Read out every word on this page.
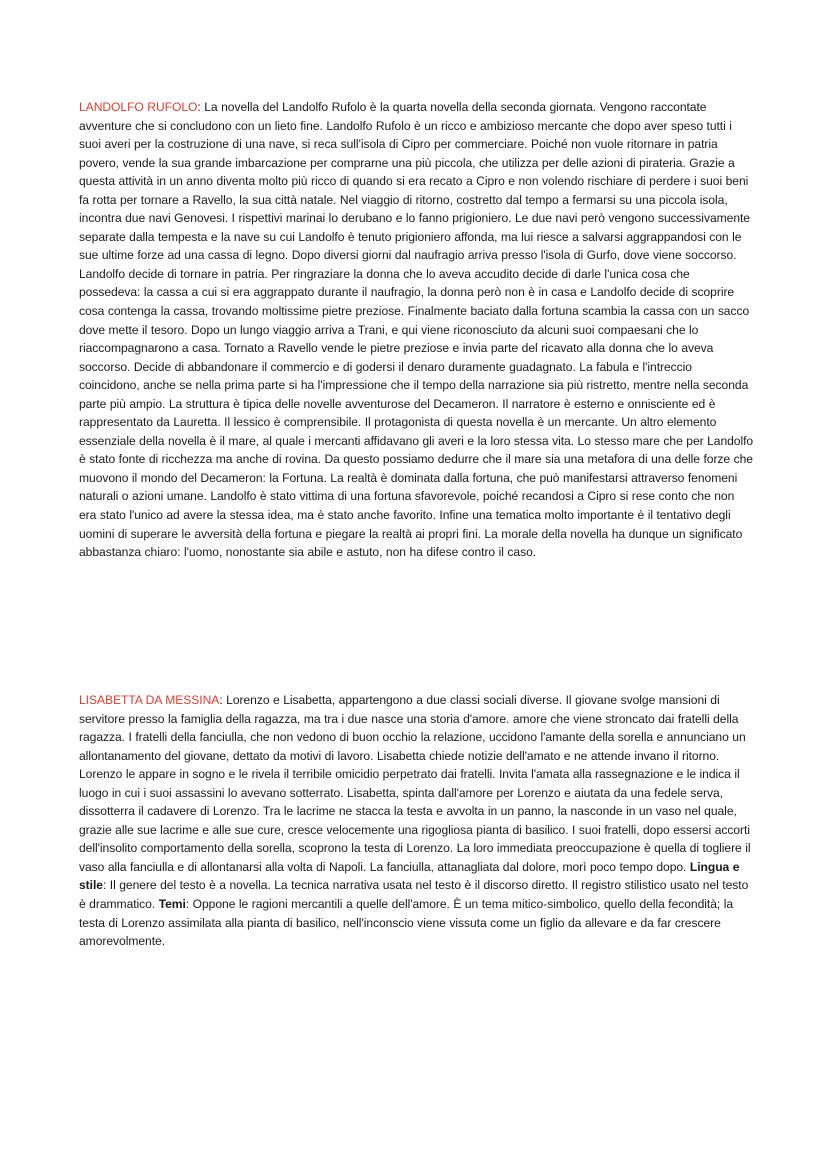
LANDOLFO RUFOLO: La novella del Landolfo Rufolo è la quarta novella della seconda giornata. Vengono raccontate avventure che si concludono con un lieto fine. Landolfo Rufolo è un ricco e ambizioso mercante che dopo aver speso tutti i suoi averi per la costruzione di una nave, si reca sull'isola di Cipro per commerciare. Poiché non vuole ritornare in patria povero, vende la sua grande imbarcazione per comprarne una più piccola, che utilizza per delle azioni di pirateria. Grazie a questa attività in un anno diventa molto più ricco di quando si era recato a Cipro e non volendo rischiare di perdere i suoi beni fa rotta per tornare a Ravello, la sua città natale. Nel viaggio di ritorno, costretto dal tempo a fermarsi su una piccola isola, incontra due navi Genovesi. I rispettivi marinai lo derubano e lo fanno prigioniero. Le due navi però vengono successivamente separate dalla tempesta e la nave su cui Landolfo è tenuto prigioniero affonda, ma lui riesce a salvarsi aggrappandosi con le sue ultime forze ad una cassa di legno. Dopo diversi giorni dal naufragio arriva presso l'isola di Gurfo, dove viene soccorso. Landolfo decide di tornare in patria. Per ringraziare la donna che lo aveva accudito decide di darle l'unica cosa che possedeva: la cassa a cui si era aggrappato durante il naufragio, la donna però non è in casa e Landolfo decide di scoprire cosa contenga la cassa, trovando moltissime pietre preziose. Finalmente baciato dalla fortuna scambia la cassa con un sacco dove mette il tesoro. Dopo un lungo viaggio arriva a Trani, e qui viene riconosciuto da alcuni suoi compaesani che lo riaccompagnarono a casa. Tornato a Ravello vende le pietre preziose e invia parte del ricavato alla donna che lo aveva soccorso. Decide di abbandonare il commercio e di godersi il denaro duramente guadagnato. La fabula e l'intreccio coincidono, anche se nella prima parte si ha l'impressione che il tempo della narrazione sia più ristretto, mentre nella seconda parte più ampio. La struttura è tipica delle novelle avventurose del Decameron. Il narratore è esterno e onnisciente ed è rappresentato da Lauretta. Il lessico è comprensibile. Il protagonista di questa novella è un mercante. Un altro elemento essenziale della novella è il mare, al quale i mercanti affidavano gli averi e la loro stessa vita. Lo stesso mare che per Landolfo è stato fonte di ricchezza ma anche di rovina. Da questo possiamo dedurre che il mare sia una metafora di una delle forze che muovono il mondo del Decameron: la Fortuna. La realtà è dominata dalla fortuna, che può manifestarsi attraverso fenomeni naturali o azioni umane. Landolfo è stato vittima di una fortuna sfavorevole, poiché recandosi a Cipro si rese conto che non era stato l'unico ad avere la stessa idea, ma è stato anche favorito. Infine una tematica molto importante è il tentativo degli uomini di superare le avversità della fortuna e piegare la realtà ai propri fini. La morale della novella ha dunque un significato abbastanza chiaro: l'uomo, nonostante sia abile e astuto, non ha difese contro il caso.
LISABETTA DA MESSINA: Lorenzo e Lisabetta, appartengono a due classi sociali diverse. Il giovane svolge mansioni di servitore presso la famiglia della ragazza, ma tra i due nasce una storia d'amore. amore che viene stroncato dai fratelli della ragazza. I fratelli della fanciulla, che non vedono di buon occhio la relazione, uccidono l'amante della sorella e annunciano un allontanamento del giovane, dettato da motivi di lavoro. Lisabetta chiede notizie dell'amato e ne attende invano il ritorno. Lorenzo le appare in sogno e le rivela il terribile omicidio perpetrato dai fratelli. Invita l'amata alla rassegnazione e le indica il luogo in cui i suoi assassini lo avevano sotterrato. Lisabetta, spinta dall'amore per Lorenzo e aiutata da una fedele serva, dissotterra il cadavere di Lorenzo. Tra le lacrime ne stacca la testa e avvolta in un panno, la nasconde in un vaso nel quale, grazie alle sue lacrime e alle sue cure, cresce velocemente una rigogliosa pianta di basilico. I suoi fratelli, dopo essersi accorti dell'insolito comportamento della sorella, scoprono la testa di Lorenzo. La loro immediata preoccupazione è quella di togliere il vaso alla fanciulla e di allontanarsi alla volta di Napoli. La fanciulla, attanagliata dal dolore, morì poco tempo dopo. Lingua e stile: Il genere del testo è a novella. La tecnica narrativa usata nel testo è il discorso diretto. Il registro stilistico usato nel testo è drammatico. Temi: Oppone le ragioni mercantili a quelle dell'amore. È un tema mitico-simbolico, quello della fecondità; la testa di Lorenzo assimilata alla pianta di basilico, nell'inconscio viene vissuta come un figlio da allevare e da far crescere amorevolmente.
